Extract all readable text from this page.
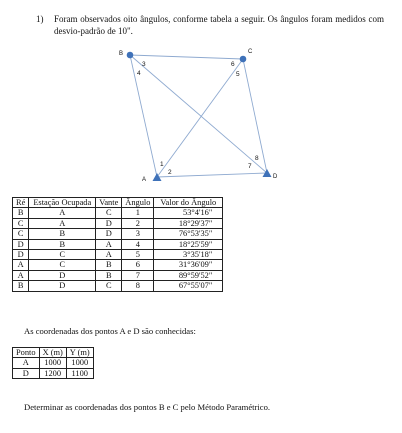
1) Foram observados oito ângulos, conforme tabela a seguir. Os ângulos foram medidos com desvio-padrão de 10".
B	C
A	D
1
2
3
4	5
6
7
8
Ré	Estação Ocupada	Vante	Ângulo	Valor do Ângulo
B	A	C	1	53°4'16"
C	A	D	2	18°29'37"
C	B	D	3	76°53'35"
D	B	A	4	18°25'59"
D	C	A	5	3°35'18"
A	C	B	6	31°36'09"
A	D	B	7	89°59'52"
B	D	C	8	67°55'07"
As coordenadas dos pontos A e D são conhecidas:
Ponto	X (m)	Y (m)
A	1000	1000
D	1200	1100
Determinar as coordenadas dos pontos B e C pelo Método Paramétrico.
